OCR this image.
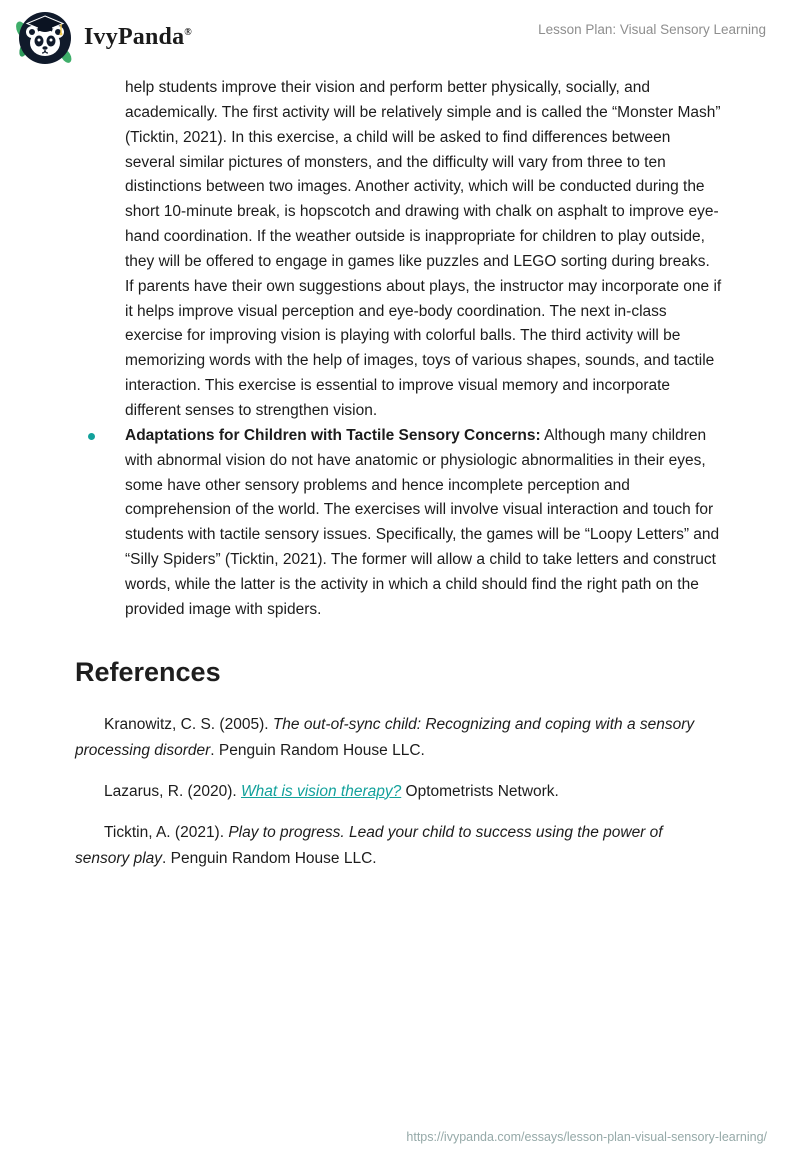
IvyPanda®	Lesson Plan: Visual Sensory Learning
help students improve their vision and perform better physically, socially, and academically. The first activity will be relatively simple and is called the “Monster Mash” (Ticktin, 2021). In this exercise, a child will be asked to find differences between several similar pictures of monsters, and the difficulty will vary from three to ten distinctions between two images. Another activity, which will be conducted during the short 10-minute break, is hopscotch and drawing with chalk on asphalt to improve eye-hand coordination. If the weather outside is inappropriate for children to play outside, they will be offered to engage in games like puzzles and LEGO sorting during breaks. If parents have their own suggestions about plays, the instructor may incorporate one if it helps improve visual perception and eye-body coordination. The next in-class exercise for improving vision is playing with colorful balls. The third activity will be memorizing words with the help of images, toys of various shapes, sounds, and tactile interaction. This exercise is essential to improve visual memory and incorporate different senses to strengthen vision.
Adaptations for Children with Tactile Sensory Concerns: Although many children with abnormal vision do not have anatomic or physiologic abnormalities in their eyes, some have other sensory problems and hence incomplete perception and comprehension of the world. The exercises will involve visual interaction and touch for students with tactile sensory issues. Specifically, the games will be “Loopy Letters” and “Silly Spiders” (Ticktin, 2021). The former will allow a child to take letters and construct words, while the latter is the activity in which a child should find the right path on the provided image with spiders.
References

Kranowitz, C. S. (2005). The out-of-sync child: Recognizing and coping with a sensory processing disorder. Penguin Random House LLC.

Lazarus, R. (2020). What is vision therapy? Optometrists Network.

Ticktin, A. (2021). Play to progress. Lead your child to success using the power of sensory play. Penguin Random House LLC.

https://ivypanda.com/essays/lesson-plan-visual-sensory-learning/
